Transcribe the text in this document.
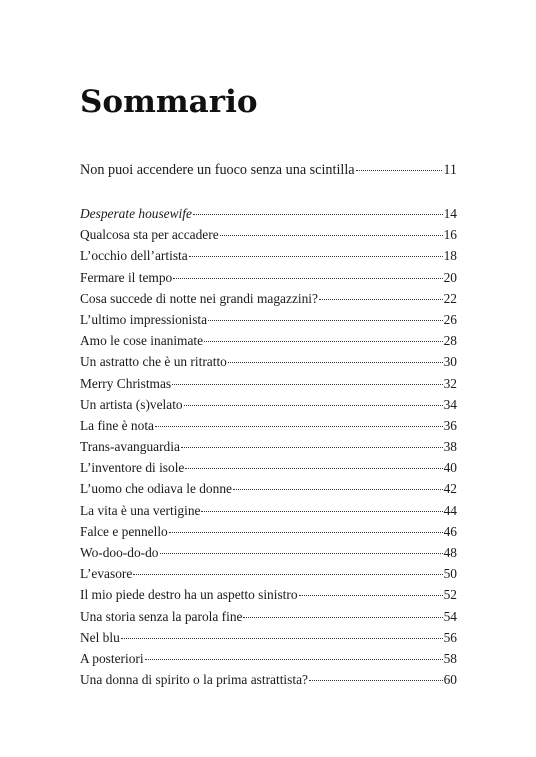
Sommario
Non puoi accendere un fuoco senza una scintilla	11
Desperate housewife	14
Qualcosa sta per accadere	16
L’occhio dell’artista	18
Fermare il tempo	20
Cosa succede di notte nei grandi magazzini?	22
L’ultimo impressionista	26
Amo le cose inanimate	28
Un astratto che è un ritratto	30
Merry Christmas	32
Un artista (s)velato	34
La fine è nota	36
Trans-avanguardia	38
L’inventore di isole	40
L’uomo che odiava le donne	42
La vita è una vertigine	44
Falce e pennello	46
Wo-doo-do-do	48
L’evasore	50
Il mio piede destro ha un aspetto sinistro	52
Una storia senza la parola fine	54
Nel blu	56
A posteriori	58
Una donna di spirito o la prima astrattista?	60
